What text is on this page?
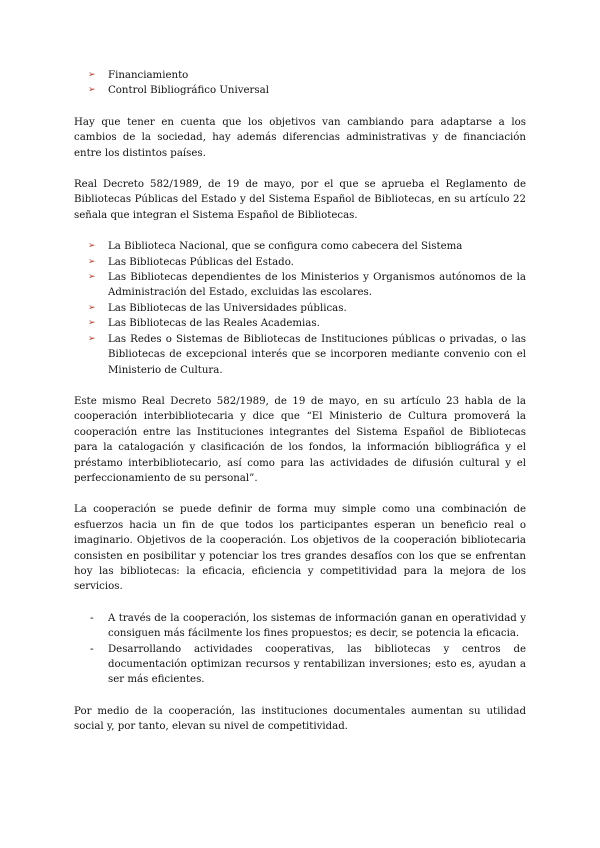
➢ Financiamiento
➢ Control Bibliográfico Universal

Hay que tener en cuenta que los objetivos van cambiando para adaptarse a los cambios de la sociedad, hay además diferencias administrativas y de financiación entre los distintos países.

Real Decreto 582/1989, de 19 de mayo, por el que se aprueba el Reglamento de Bibliotecas Públicas del Estado y del Sistema Español de Bibliotecas, en su artículo 22 señala que integran el Sistema Español de Bibliotecas.

➢ La Biblioteca Nacional, que se configura como cabecera del Sistema
➢ Las Bibliotecas Públicas del Estado.
➢ Las Bibliotecas dependientes de los Ministerios y Organismos autónomos de la Administración del Estado, excluidas las escolares.
➢ Las Bibliotecas de las Universidades públicas.
➢ Las Bibliotecas de las Reales Academias.
➢ Las Redes o Sistemas de Bibliotecas de Instituciones públicas o privadas, o las Bibliotecas de excepcional interés que se incorporen mediante convenio con el Ministerio de Cultura.

Este mismo Real Decreto 582/1989, de 19 de mayo, en su artículo 23 habla de la cooperación interbibliotecaria y dice que “El Ministerio de Cultura promoverá la cooperación entre las Instituciones integrantes del Sistema Español de Bibliotecas para la catalogación y clasificación de los fondos, la información bibliográfica y el préstamo interbibliotecario, así como para las actividades de difusión cultural y el perfeccionamiento de su personal”.

La cooperación se puede definir de forma muy simple como una combinación de esfuerzos hacia un fin de que todos los participantes esperan un beneficio real o imaginario. Objetivos de la cooperación. Los objetivos de la cooperación bibliotecaria consisten en posibilitar y potenciar los tres grandes desafíos con los que se enfrentan hoy las bibliotecas: la eficacia, eficiencia y competitividad para la mejora de los servicios.

- A través de la cooperación, los sistemas de información ganan en operatividad y consiguen más fácilmente los fines propuestos; es decir, se potencia la eficacia.
- Desarrollando actividades cooperativas, las bibliotecas y centros de documentación optimizan recursos y rentabilizan inversiones; esto es, ayudan a ser más eficientes.

Por medio de la cooperación, las instituciones documentales aumentan su utilidad social y, por tanto, elevan su nivel de competitividad.
